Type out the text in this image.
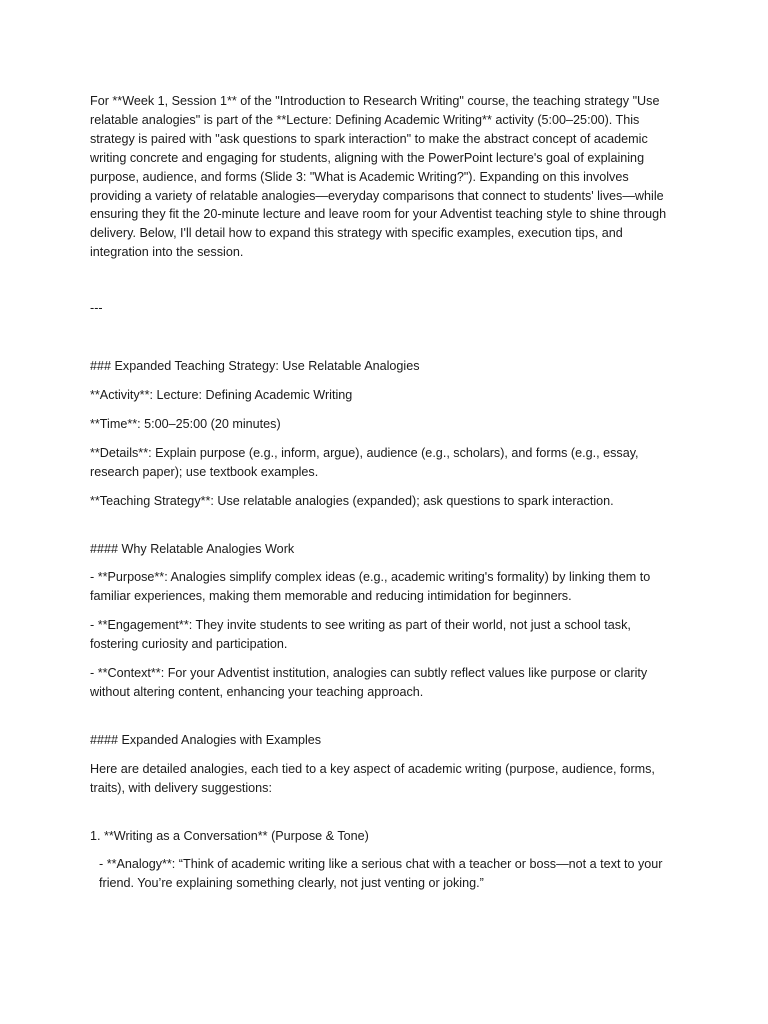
For **Week 1, Session 1** of the "Introduction to Research Writing" course, the teaching strategy "Use relatable analogies" is part of the **Lecture: Defining Academic Writing** activity (5:00–25:00). This strategy is paired with "ask questions to spark interaction" to make the abstract concept of academic writing concrete and engaging for students, aligning with the PowerPoint lecture's goal of explaining purpose, audience, and forms (Slide 3: "What is Academic Writing?"). Expanding on this involves providing a variety of relatable analogies—everyday comparisons that connect to students' lives—while ensuring they fit the 20-minute lecture and leave room for your Adventist teaching style to shine through delivery. Below, I'll detail how to expand this strategy with specific examples, execution tips, and integration into the session.

---

### Expanded Teaching Strategy: Use Relatable Analogies

**Activity**: Lecture: Defining Academic Writing

**Time**: 5:00–25:00 (20 minutes)

**Details**: Explain purpose (e.g., inform, argue), audience (e.g., scholars), and forms (e.g., essay, research paper); use textbook examples.

**Teaching Strategy**: Use relatable analogies (expanded); ask questions to spark interaction.

#### Why Relatable Analogies Work

- **Purpose**: Analogies simplify complex ideas (e.g., academic writing's formality) by linking them to familiar experiences, making them memorable and reducing intimidation for beginners.

- **Engagement**: They invite students to see writing as part of their world, not just a school task, fostering curiosity and participation.

- **Context**: For your Adventist institution, analogies can subtly reflect values like purpose or clarity without altering content, enhancing your teaching approach.

#### Expanded Analogies with Examples

Here are detailed analogies, each tied to a key aspect of academic writing (purpose, audience, forms, traits), with delivery suggestions:

1. **Writing as a Conversation** (Purpose & Tone)

- **Analogy**: “Think of academic writing like a serious chat with a teacher or boss—not a text to your friend. You’re explaining something clearly, not just venting or joking.”
